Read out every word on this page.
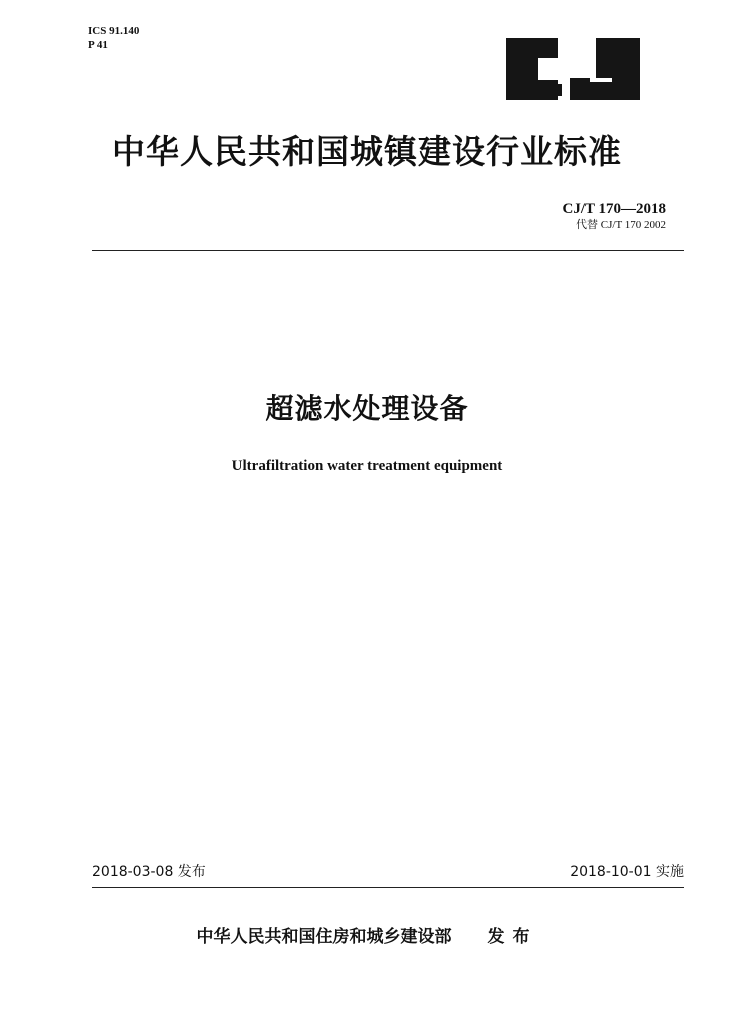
ICS 91.140
P 41
中华人民共和国城镇建设行业标准
CJ/T 170—2018
代替 CJ/T 170 2002
超滤水处理设备
Ultrafiltration water treatment equipment
2018-03-08 发布	2018-10-01 实施
中华人民共和国住房和城乡建设部 发布
